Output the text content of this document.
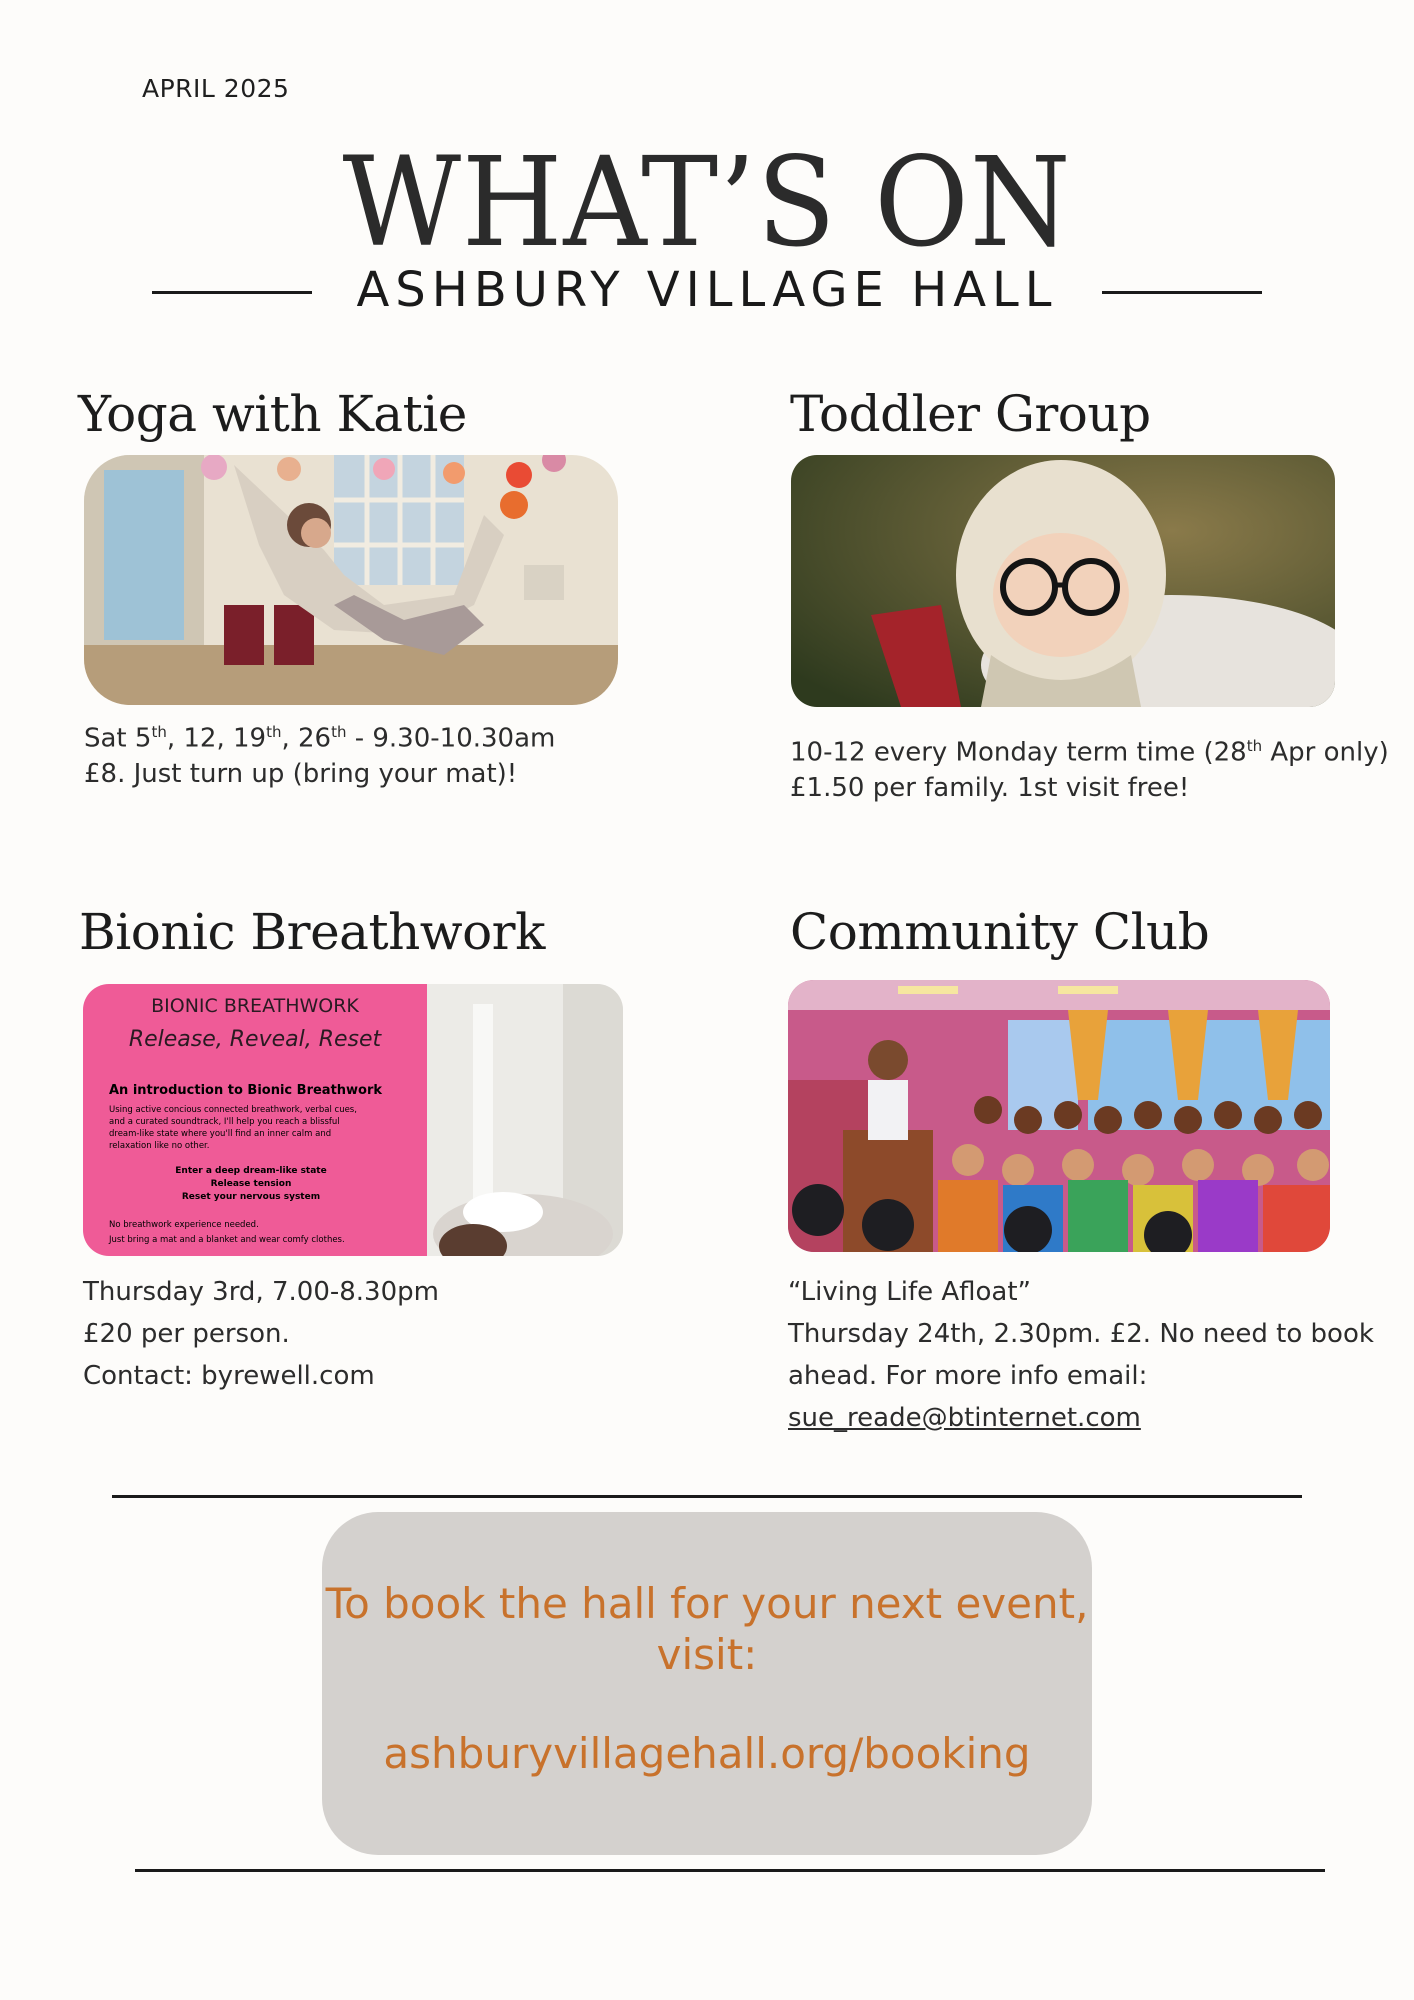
APRIL 2025
WHAT’S ON
ASHBURY VILLAGE HALL
Yoga with Katie
Sat 5th, 12, 19th, 26th - 9.30-10.30am
£8. Just turn up (bring your mat)!
Toddler Group
10-12 every Monday term time (28th Apr only)
£1.50 per family. 1st visit free!
Bionic Breathwork
BIONIC BREATHWORK
Release, Reveal, Reset
An introduction to Bionic Breathwork
Using active concious connected breathwork, verbal cues,
and a curated soundtrack, I'll help you reach a blissful
dream-like state where you'll find an inner calm and
relaxation like no other.
Enter a deep dream-like state
Release tension
Reset your nervous system
No breathwork experience needed.
Just bring a mat and a blanket and wear comfy clothes.
Thursday 3rd, 7.00-8.30pm
£20 per person.
Contact: byrewell.com
Community Club
“Living Life Afloat”
Thursday 24th, 2.30pm. £2. No need to book
ahead. For more info email:
sue_reade@btinternet.com
To book the hall for your next event,
visit:
ashburyvillagehall.org/booking
